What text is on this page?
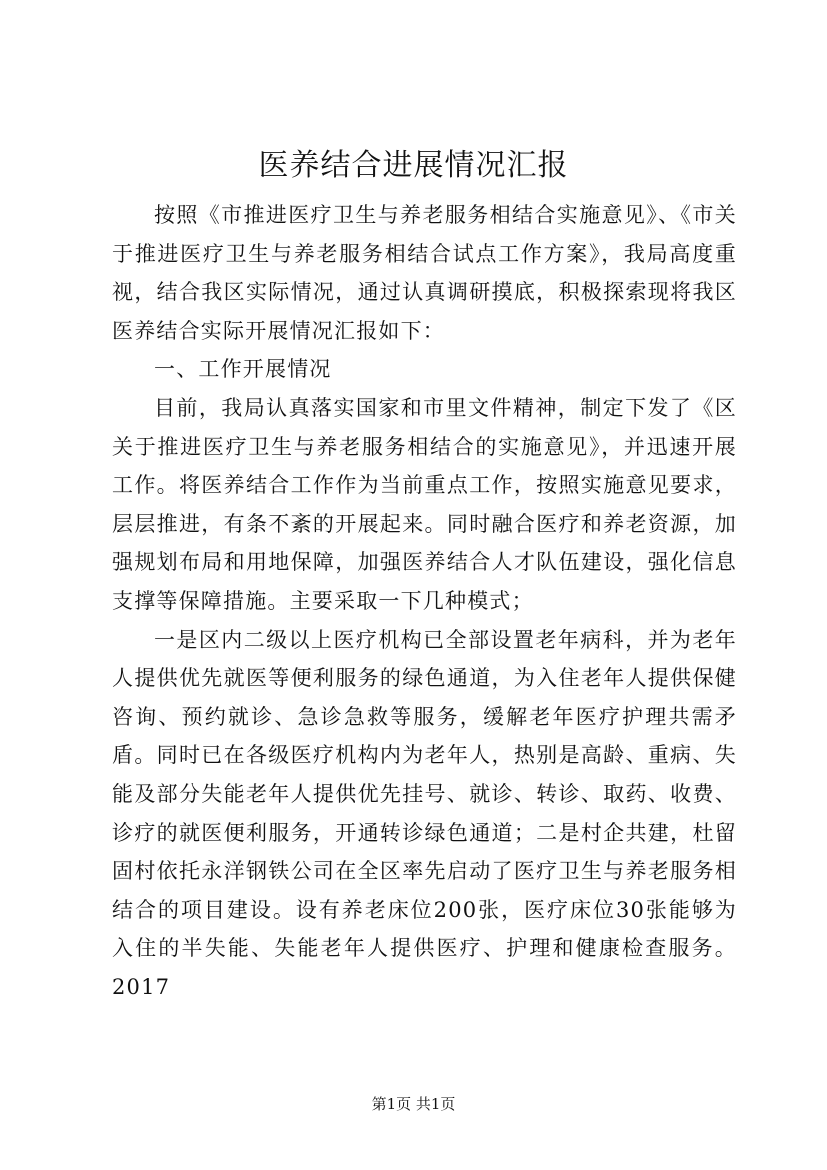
医养结合进展情况汇报

按照《市推进医疗卫生与养老服务相结合实施意见》、《市关于推进医疗卫生与养老服务相结合试点工作方案》，我局高度重视，结合我区实际情况，通过认真调研摸底，积极探索现将我区医养结合实际开展情况汇报如下：

一、工作开展情况

目前，我局认真落实国家和市里文件精神，制定下发了《区关于推进医疗卫生与养老服务相结合的实施意见》，并迅速开展工作。将医养结合工作作为当前重点工作，按照实施意见要求，层层推进，有条不紊的开展起来。同时融合医疗和养老资源，加强规划布局和用地保障，加强医养结合人才队伍建设，强化信息支撑等保障措施。主要采取一下几种模式；

一是区内二级以上医疗机构已全部设置老年病科，并为老年人提供优先就医等便利服务的绿色通道，为入住老年人提供保健咨询、预约就诊、急诊急救等服务，缓解老年医疗护理共需矛盾。同时已在各级医疗机构内为老年人，热别是高龄、重病、失能及部分失能老年人提供优先挂号、就诊、转诊、取药、收费、诊疗的就医便利服务，开通转诊绿色通道；二是村企共建，杜留固村依托永洋钢铁公司在全区率先启动了医疗卫生与养老服务相结合的项目建设。设有养老床位200张，医疗床位30张能够为入住的半失能、失能老年人提供医疗、护理和健康检查服务。2017

第1页 共1页
